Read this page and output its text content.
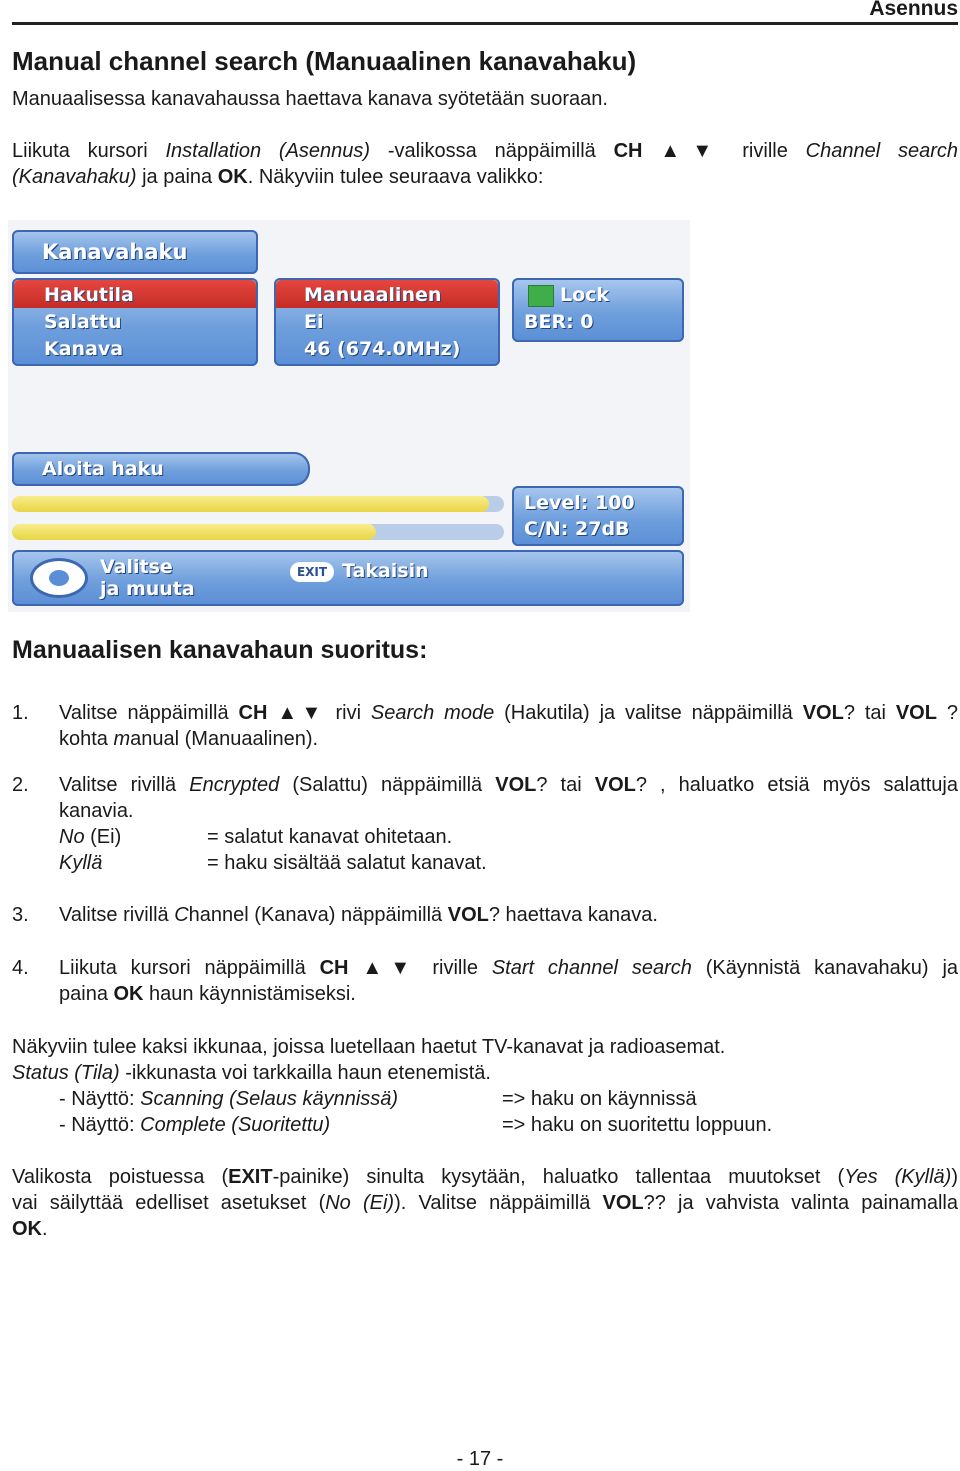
Asennus
Manual channel search (Manuaalinen kanavahaku)
Manuaalisessa kanavahaussa haettava kanava syötetään suoraan.
Liikuta kursori Installation (Asennus) -valikossa näppäimillä CH ▲▼ riville Channel search
(Kanavahaku) ja paina OK. Näkyviin tulee seuraava valikko:
Kanavahaku
Hakutila
Salattu
Kanava
Manuaalinen
Ei
46 (674.0MHz)
Lock
BER: 0
Aloita haku
Level: 100
C/N: 27dB
Valitse
ja muuta
EXIT Takaisin
Manuaalisen kanavahaun suoritus:
1. Valitse näppäimillä CH ▲▼ rivi Search mode (Hakutila) ja valitse näppäimillä VOL? tai VOL ?
kohta manual (Manuaalinen).
2. Valitse rivillä Encrypted (Salattu) näppäimillä VOL? tai VOL? , haluatko etsiä myös salattuja
kanavia.
No (Ei)	= salatut kanavat ohitetaan.
Kyllä	= haku sisältää salatut kanavat.
3. Valitse rivillä Channel (Kanava) näppäimillä VOL? haettava kanava.
4. Liikuta kursori näppäimillä CH ▲▼ riville Start channel search (Käynnistä kanavahaku) ja
paina OK haun käynnistämiseksi.
Näkyviin tulee kaksi ikkunaa, joissa luetellaan haetut TV-kanavat ja radioasemat.
Status (Tila) -ikkunasta voi tarkkailla haun etenemistä.
- Näyttö: Scanning (Selaus käynnissä)	=> haku on käynnissä
- Näyttö: Complete (Suoritettu)	=> haku on suoritettu loppuun.
Valikosta poistuessa (EXIT-painike) sinulta kysytään, haluatko tallentaa muutokset (Yes (Kyllä))
vai säilyttää edelliset asetukset (No (Ei)). Valitse näppäimillä VOL?? ja vahvista valinta painamalla
OK.
- 17 -
